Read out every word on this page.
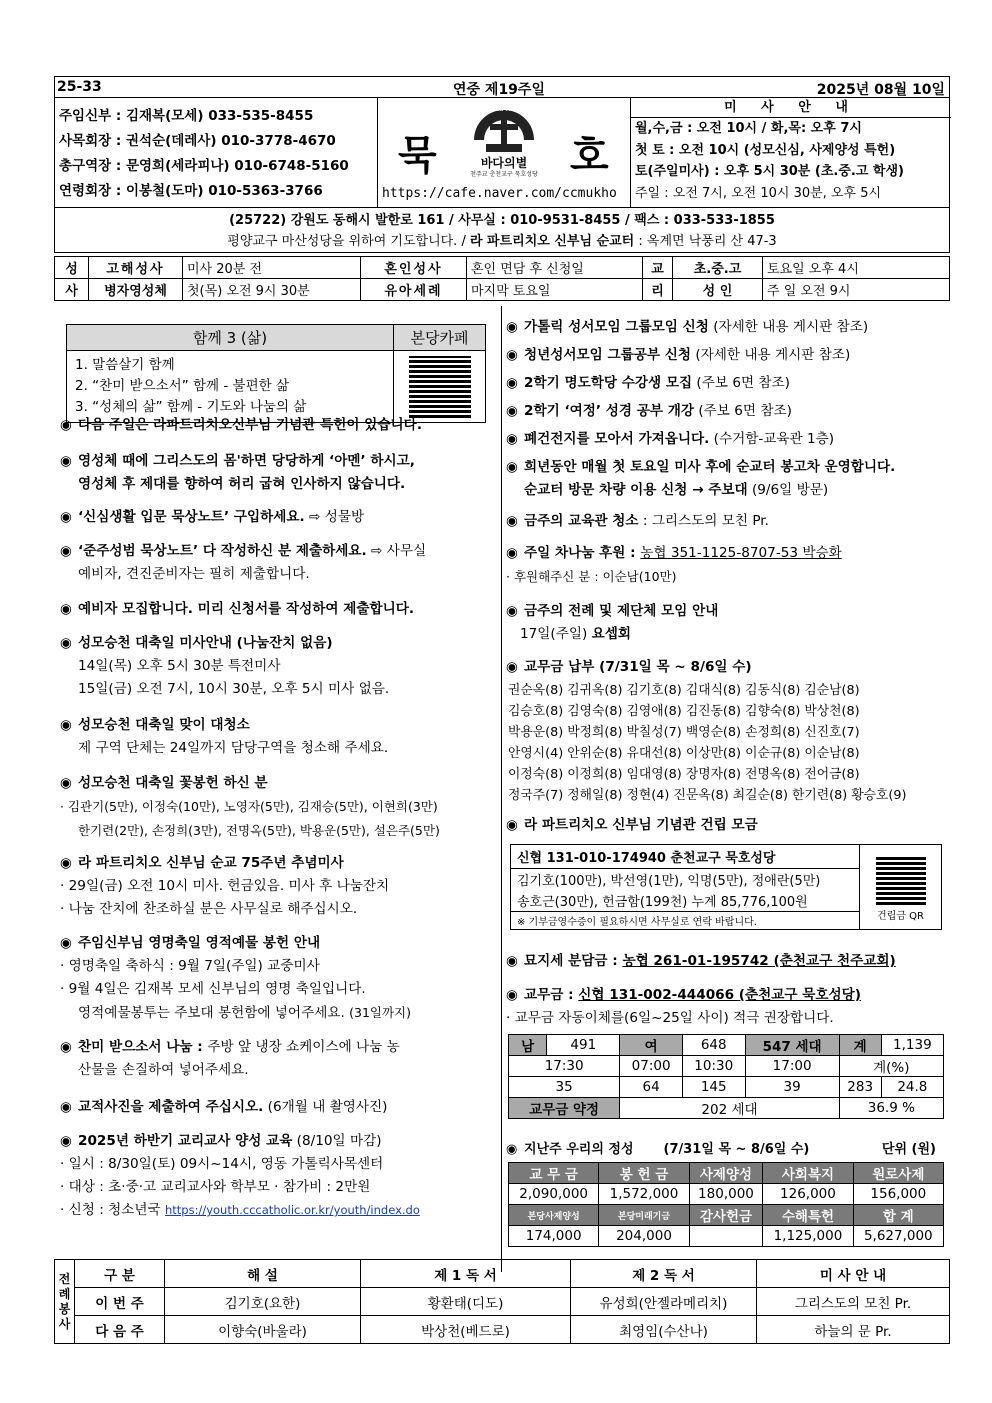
25-33	연중 제19주일	2025년 08월 10일
주임신부 : 김재복(모세) 033-535-8455
사목회장 : 권석순(데레사) 010-3778-4670
총구역장 : 문영희(세라피나) 010-6748-5160
연령회장 : 이봉철(도마) 010-5363-3766
묵	호
Stella Maris
바다의별
천주교 춘천교구 묵호성당
https://cafe.naver.com/ccmukho
미 사 안 내
월,수,금 : 오전 10시 / 화,목: 오후 7시
첫 토 : 오전 10시 (성모신심, 사제양성 특헌)
토(주일미사) : 오후 5시 30분 (초.중.고 학생)
주일 : 오전 7시, 오전 10시 30분, 오후 5시
(25722) 강원도 동해시 발한로 161 / 사무실 : 010-9531-8455 / 팩스 : 033-533-1855
평양교구 마산성당을 위하여 기도합니다. / 라 파트리치오 신부님 순교터 : 옥계면 낙풍리 산 47-3
성	고해성사	미사 20분 전	혼인성사	혼인 면담 후 신청일	교	초.중.고	토요일 오후 4시
사	병자영성체	첫(목) 오전 9시 30분	유아세례	마지막 토요일	리	성 인	주 일 오전 9시
함께 3 (삶)	본당카페

1. 말씀살기 함께
2. “찬미 받으소서” 함께 - 불편한 삶
3. “성체의 삶” 함께 - 기도와 나눔의 삶	

◉ 다음 주일은 라파트리치오신부님 기념관 특헌이 있습니다.
◉ 영성체 때에 그리스도의 몸'하면 당당하게 ‘아멘’ 하시고,
영성체 후 제대를 향하여 허리 굽혀 인사하지 않습니다.
◉ ‘신심생활 입문 묵상노트’ 구입하세요. ⇨ 성물방
◉ ‘준주성범 묵상노트’ 다 작성하신 분 제출하세요. ⇨ 사무실
예비자, 견진준비자는 필히 제출합니다.
◉ 예비자 모집합니다. 미리 신청서를 작성하여 제출합니다.
◉ 성모승천 대축일 미사안내 (나눔잔치 없음)
14일(목) 오후 5시 30분 특전미사
15일(금) 오전 7시, 10시 30분, 오후 5시 미사 없음.
◉ 성모승천 대축일 맞이 대청소
제 구역 단체는 24일까지 담당구역을 청소해 주세요.
◉ 성모승천 대축일 꽃봉헌 하신 분
· 김관기(5만), 이정숙(10만), 노영자(5만), 김재승(5만), 이현희(3만)
한기련(2만), 손정희(3만), 전명옥(5만), 박용운(5만), 설은주(5만)
◉ 라 파트리치오 신부님 순교 75주년 추념미사
· 29일(금) 오전 10시 미사. 헌금있음. 미사 후 나눔잔치
· 나눔 잔치에 찬조하실 분은 사무실로 해주십시오.
◉ 주임신부님 영명축일 영적예물 봉헌 안내
· 영명축일 축하식 : 9월 7일(주일) 교중미사
· 9월 4일은 김재복 모세 신부님의 영명 축일입니다.
영적예물봉투는 주보대 봉헌함에 넣어주세요. (31일까지)
◉ 찬미 받으소서 나눔 : 주방 앞 냉장 쇼케이스에 나눔 농
산물을 손질하여 넣어주세요.
◉ 교적사진을 제출하여 주십시오. (6개월 내 촬영사진)
◉ 2025년 하반기 교리교사 양성 교육 (8/10일 마감)
· 일시 : 8/30일(토) 09시~14시, 영동 가톨릭사목센터
· 대상 : 초·중·고 교리교사와 학부모 · 참가비 : 2만원
· 신청 : 청소년국 https://youth.cccatholic.or.kr/youth/index.do
◉ 가톨릭 성서모임 그룹모임 신청 (자세한 내용 게시판 참조)
◉ 청년성서모임 그룹공부 신청 (자세한 내용 게시판 참조)
◉ 2학기 명도학당 수강생 모집 (주보 6면 참조)
◉ 2학기 ‘여정’ 성경 공부 개강 (주보 6면 참조)
◉ 폐건전지를 모아서 가져옵니다. (수거함-교육관 1층)
◉ 희년동안 매월 첫 토요일 미사 후에 순교터 봉고차 운영합니다.
순교터 방문 차량 이용 신청 → 주보대 (9/6일 방문)
◉ 금주의 교육관 청소 : 그리스도의 모친 Pr.
◉ 주일 차나눔 후원 : 농협 351-1125-8707-53 박승화
· 후원해주신 분 : 이순남(10만)
◉ 금주의 전례 및 제단체 모임 안내
17일(주일) 요셉회
◉ 교무금 납부 (7/31일 목 ~ 8/6일 수)
권순옥(8) 김귀옥(8) 김기호(8) 김대식(8) 김동식(8) 김순남(8)
김승호(8) 김영숙(8) 김영애(8) 김진동(8) 김향숙(8) 박상천(8)
박용운(8) 박정희(8) 박칠성(7) 백영순(8) 손정희(8) 신진호(7)
안영시(4) 안위순(8) 유대선(8) 이상만(8) 이순규(8) 이순남(8)
이정숙(8) 이정희(8) 임대영(8) 장명자(8) 전명옥(8) 전어금(8)
정국주(7) 정해일(8) 정현(4) 진문옥(8) 최길순(8) 한기련(8) 황승호(9)
◉ 라 파트리치오 신부님 기념관 건립 모금
신협 131-010-174940 춘천교구 묵호성당	
건립금 QR
김기호(100만), 박선영(1만), 익명(5만), 정애란(5만)
송호근(30만), 헌금함(199천) 누계 85,776,100원
※ 기부금영수증이 필요하시면 사무실로 연락 바랍니다.
◉ 묘지세 분담금 : 농협 261-01-195742 (춘천교구 천주교회)
◉ 교무금 : 신협 131-002-444066 (춘천교구 묵호성당)
· 교무금 자동이체를(6일~25일 사이) 적극 권장합니다.
남	491	여	648	547 세대	계	1,139
17:30		07:00	10:30	17:00	계(%)	
35		64	145	39	283	24.8
교무금 약정		202 세대			36.9 %	
◉ 지난주 우리의 정성 (7/31일 목 ~ 8/6일 수)	단위 (원)
교 무 금	봉 헌 금	사제양성	사회복지	원로사제
2,090,000	1,572,000	180,000	126,000	156,000
본당사제양성	본당미래기금	감사헌금	수해특헌	합 계
174,000	204,000		1,125,000	5,627,000
전례봉사	구 분	해 설	제 1 독 서	제 2 독 서	미 사 안 내
	이 번 주	김기호(요한)	황환태(디도)	유성희(안젤라메리치)	그리스도의 모친 Pr.
	다 음 주	이향숙(바울라)	박상천(베드로)	최영임(수산나)	하늘의 문 Pr.
